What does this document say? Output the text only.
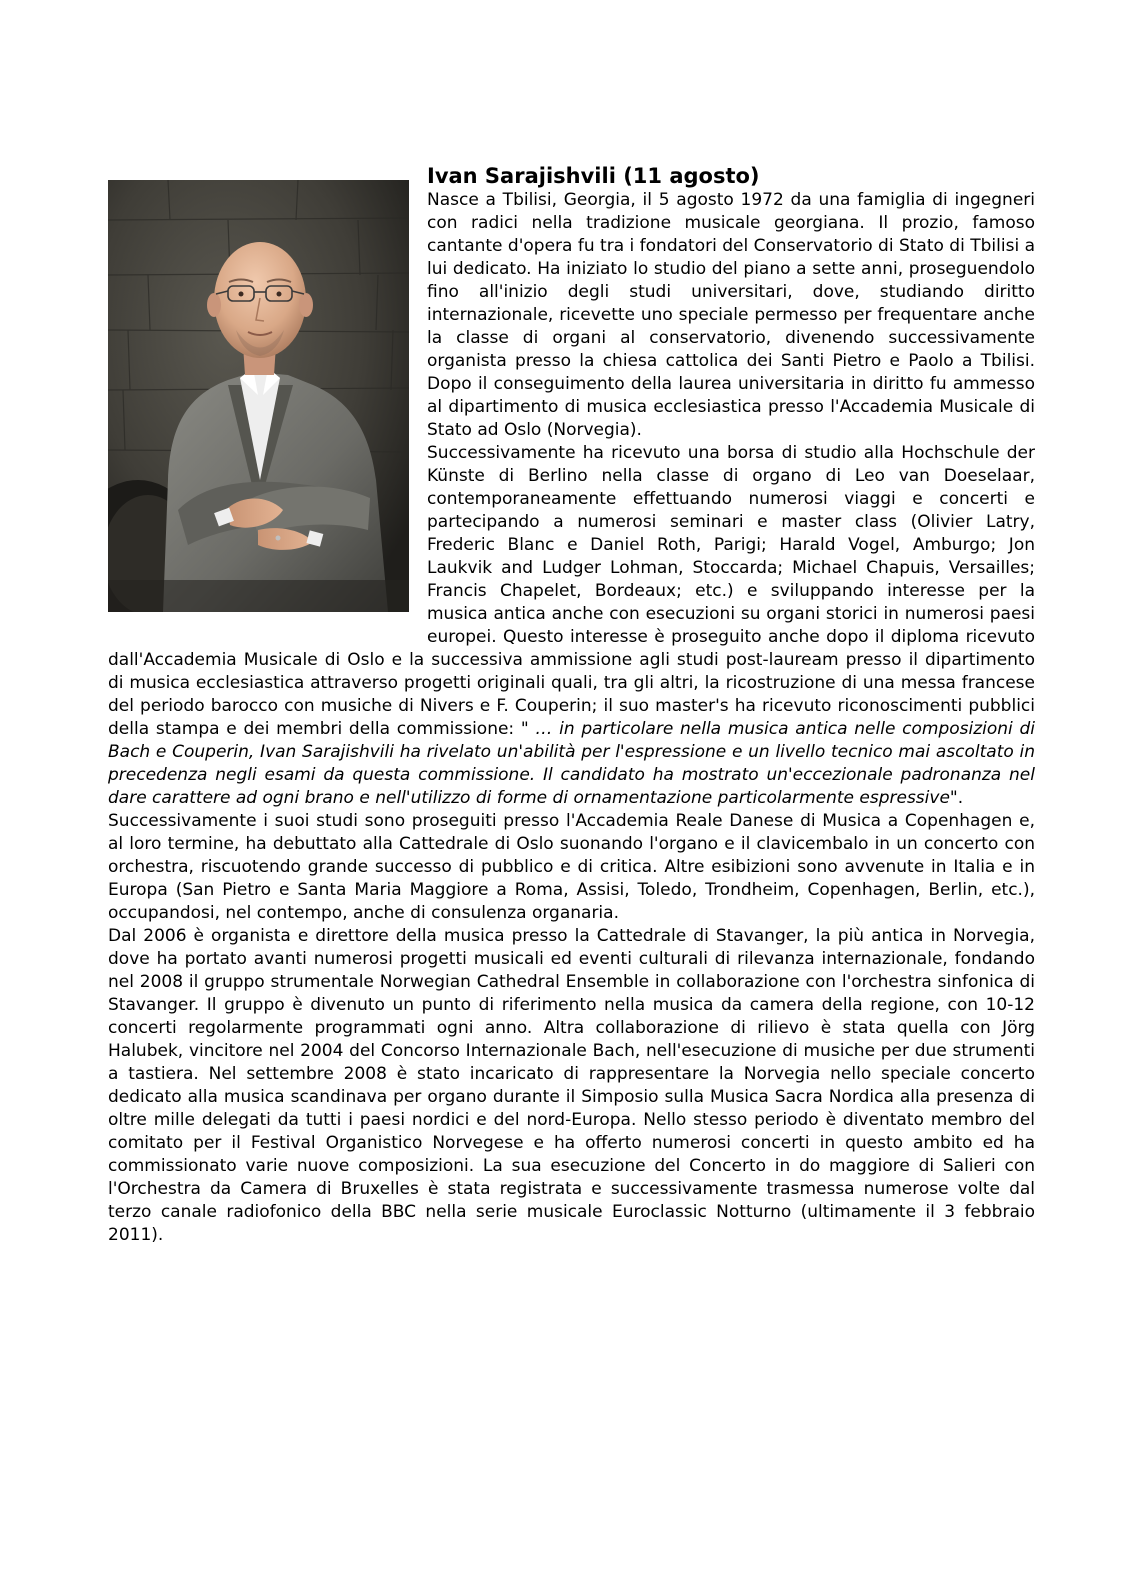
Ivan Sarajishvili (11 agosto)

Nasce a Tbilisi, Georgia, il 5 agosto 1972 da una famiglia di ingegneri con radici nella tradizione musicale georgiana. Il prozio, famoso cantante d'opera fu tra i fondatori del Conservatorio di Stato di Tbilisi a lui dedicato. Ha iniziato lo studio del piano a sette anni, proseguendolo fino all'inizio degli studi universitari, dove, studiando diritto internazionale, ricevette uno speciale permesso per frequentare anche la classe di organi al conservatorio, divenendo successivamente organista presso la chiesa cattolica dei Santi Pietro e Paolo a Tbilisi. Dopo il conseguimento della laurea universitaria in diritto fu ammesso al dipartimento di musica ecclesiastica presso l'Accademia Musicale di Stato ad Oslo (Norvegia).

Successivamente ha ricevuto una borsa di studio alla Hochschule der Künste di Berlino nella classe di organo di Leo van Doeselaar, contemporaneamente effettuando numerosi viaggi e concerti e partecipando a numerosi seminari e master class (Olivier Latry, Frederic Blanc e Daniel Roth, Parigi; Harald Vogel, Amburgo; Jon Laukvik and Ludger Lohman, Stoccarda; Michael Chapuis, Versailles; Francis Chapelet, Bordeaux; etc.) e sviluppando interesse per la musica antica anche con esecuzioni su organi storici in numerosi paesi europei. Questo interesse è proseguito anche dopo il diploma ricevuto dall'Accademia Musicale di Oslo e la successiva ammissione agli studi post-lauream presso il dipartimento di musica ecclesiastica attraverso progetti originali quali, tra gli altri, la ricostruzione di una messa francese del periodo barocco con musiche di Nivers e F. Couperin; il suo master's ha ricevuto riconoscimenti pubblici della stampa e dei membri della commissione: " … in particolare nella musica antica nelle composizioni di Bach e Couperin, Ivan Sarajishvili ha rivelato un'abilità per l'espressione e un livello tecnico mai ascoltato in precedenza negli esami da questa commissione. Il candidato ha mostrato un'eccezionale padronanza nel dare carattere ad ogni brano e nell'utilizzo di forme di ornamentazione particolarmente espressive".

Successivamente i suoi studi sono proseguiti presso l'Accademia Reale Danese di Musica a Copenhagen e, al loro termine, ha debuttato alla Cattedrale di Oslo suonando l'organo e il clavicembalo in un concerto con orchestra, riscuotendo grande successo di pubblico e di critica. Altre esibizioni sono avvenute in Italia e in Europa (San Pietro e Santa Maria Maggiore a Roma, Assisi, Toledo, Trondheim, Copenhagen, Berlin, etc.), occupandosi, nel contempo, anche di consulenza organaria.

Dal 2006 è organista e direttore della musica presso la Cattedrale di Stavanger, la più antica in Norvegia, dove ha portato avanti numerosi progetti musicali ed eventi culturali di rilevanza internazionale, fondando nel 2008 il gruppo strumentale Norwegian Cathedral Ensemble in collaborazione con l'orchestra sinfonica di Stavanger. Il gruppo è divenuto un punto di riferimento nella musica da camera della regione, con 10-12 concerti regolarmente programmati ogni anno. Altra collaborazione di rilievo è stata quella con Jörg Halubek, vincitore nel 2004 del Concorso Internazionale Bach, nell'esecuzione di musiche per due strumenti a tastiera. Nel settembre 2008 è stato incaricato di rappresentare la Norvegia nello speciale concerto dedicato alla musica scandinava per organo durante il Simposio sulla Musica Sacra Nordica alla presenza di oltre mille delegati da tutti i paesi nordici e del nord-Europa. Nello stesso periodo è diventato membro del comitato per il Festival Organistico Norvegese e ha offerto numerosi concerti in questo ambito ed ha commissionato varie nuove composizioni. La sua esecuzione del Concerto in do maggiore di Salieri con l'Orchestra da Camera di Bruxelles è stata registrata e successivamente trasmessa numerose volte dal terzo canale radiofonico della BBC nella serie musicale Euroclassic Notturno (ultimamente il 3 febbraio 2011).
